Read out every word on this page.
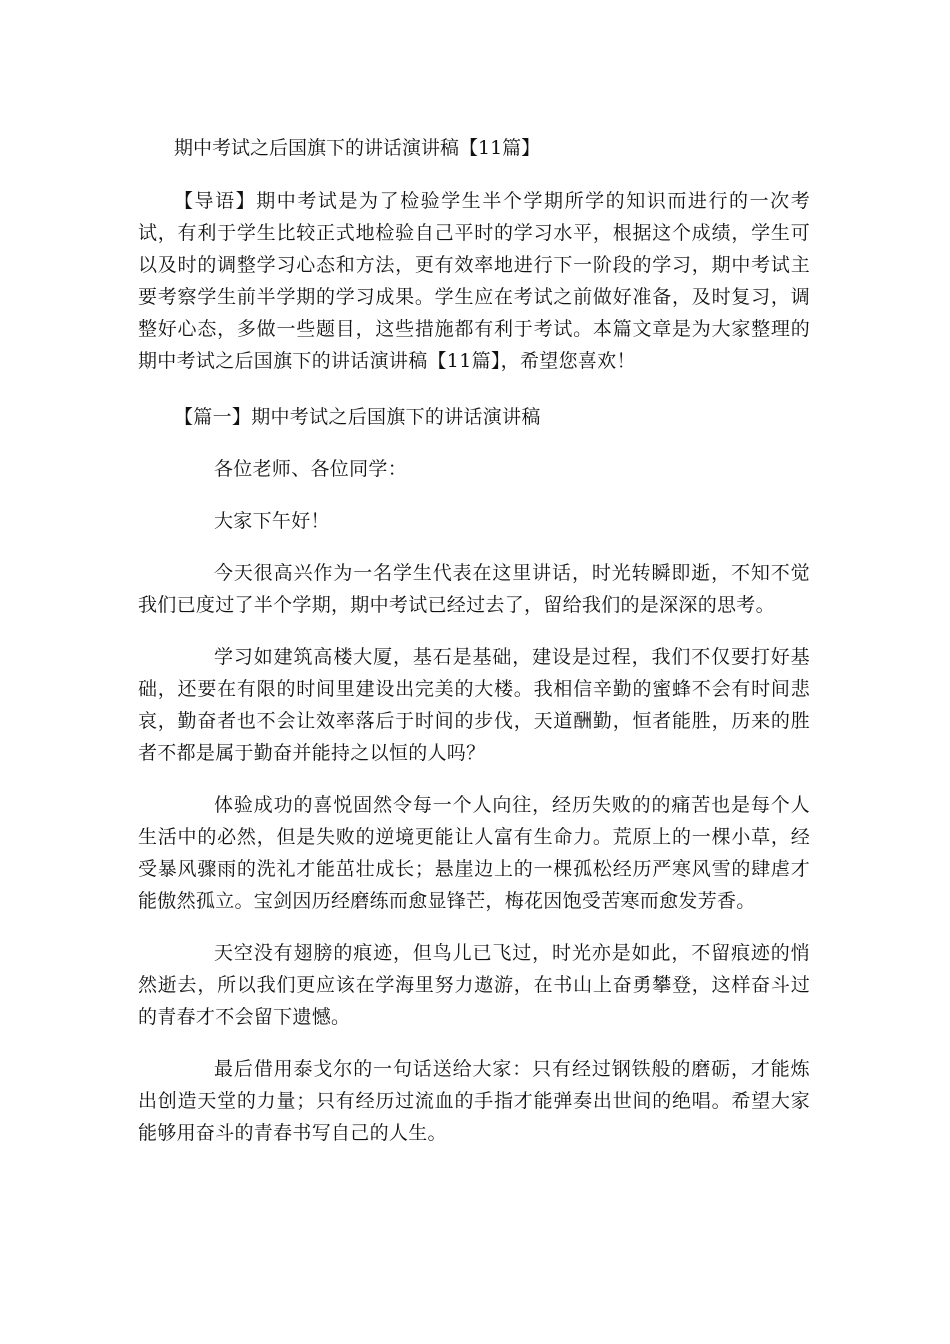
期中考试之后国旗下的讲话演讲稿【11篇】

【导语】期中考试是为了检验学生半个学期所学的知识而进行的一次考试，有利于学生比较正式地检验自己平时的学习水平，根据这个成绩，学生可以及时的调整学习心态和方法，更有效率地进行下一阶段的学习，期中考试主要考察学生前半学期的学习成果。学生应在考试之前做好准备，及时复习，调整好心态，多做一些题目，这些措施都有利于考试。本篇文章是为大家整理的期中考试之后国旗下的讲话演讲稿【11篇】，希望您喜欢！

【篇一】期中考试之后国旗下的讲话演讲稿

各位老师、各位同学：

大家下午好！

今天很高兴作为一名学生代表在这里讲话，时光转瞬即逝，不知不觉我们已度过了半个学期，期中考试已经过去了，留给我们的是深深的思考。

学习如建筑高楼大厦，基石是基础，建设是过程，我们不仅要打好基础，还要在有限的时间里建设出完美的大楼。我相信辛勤的蜜蜂不会有时间悲哀，勤奋者也不会让效率落后于时间的步伐，天道酬勤，恒者能胜，历来的胜者不都是属于勤奋并能持之以恒的人吗？

体验成功的喜悦固然令每一个人向往，经历失败的的痛苦也是每个人生活中的必然，但是失败的逆境更能让人富有生命力。荒原上的一棵小草，经受暴风骤雨的洗礼才能茁壮成长；悬崖边上的一棵孤松经历严寒风雪的肆虐才能傲然孤立。宝剑因历经磨练而愈显锋芒，梅花因饱受苦寒而愈发芳香。

天空没有翅膀的痕迹，但鸟儿已飞过，时光亦是如此，不留痕迹的悄然逝去，所以我们更应该在学海里努力遨游，在书山上奋勇攀登，这样奋斗过的青春才不会留下遗憾。

最后借用泰戈尔的一句话送给大家：只有经过钢铁般的磨砺，才能炼出创造天堂的力量；只有经历过流血的手指才能弹奏出世间的绝唱。希望大家能够用奋斗的青春书写自己的人生。
